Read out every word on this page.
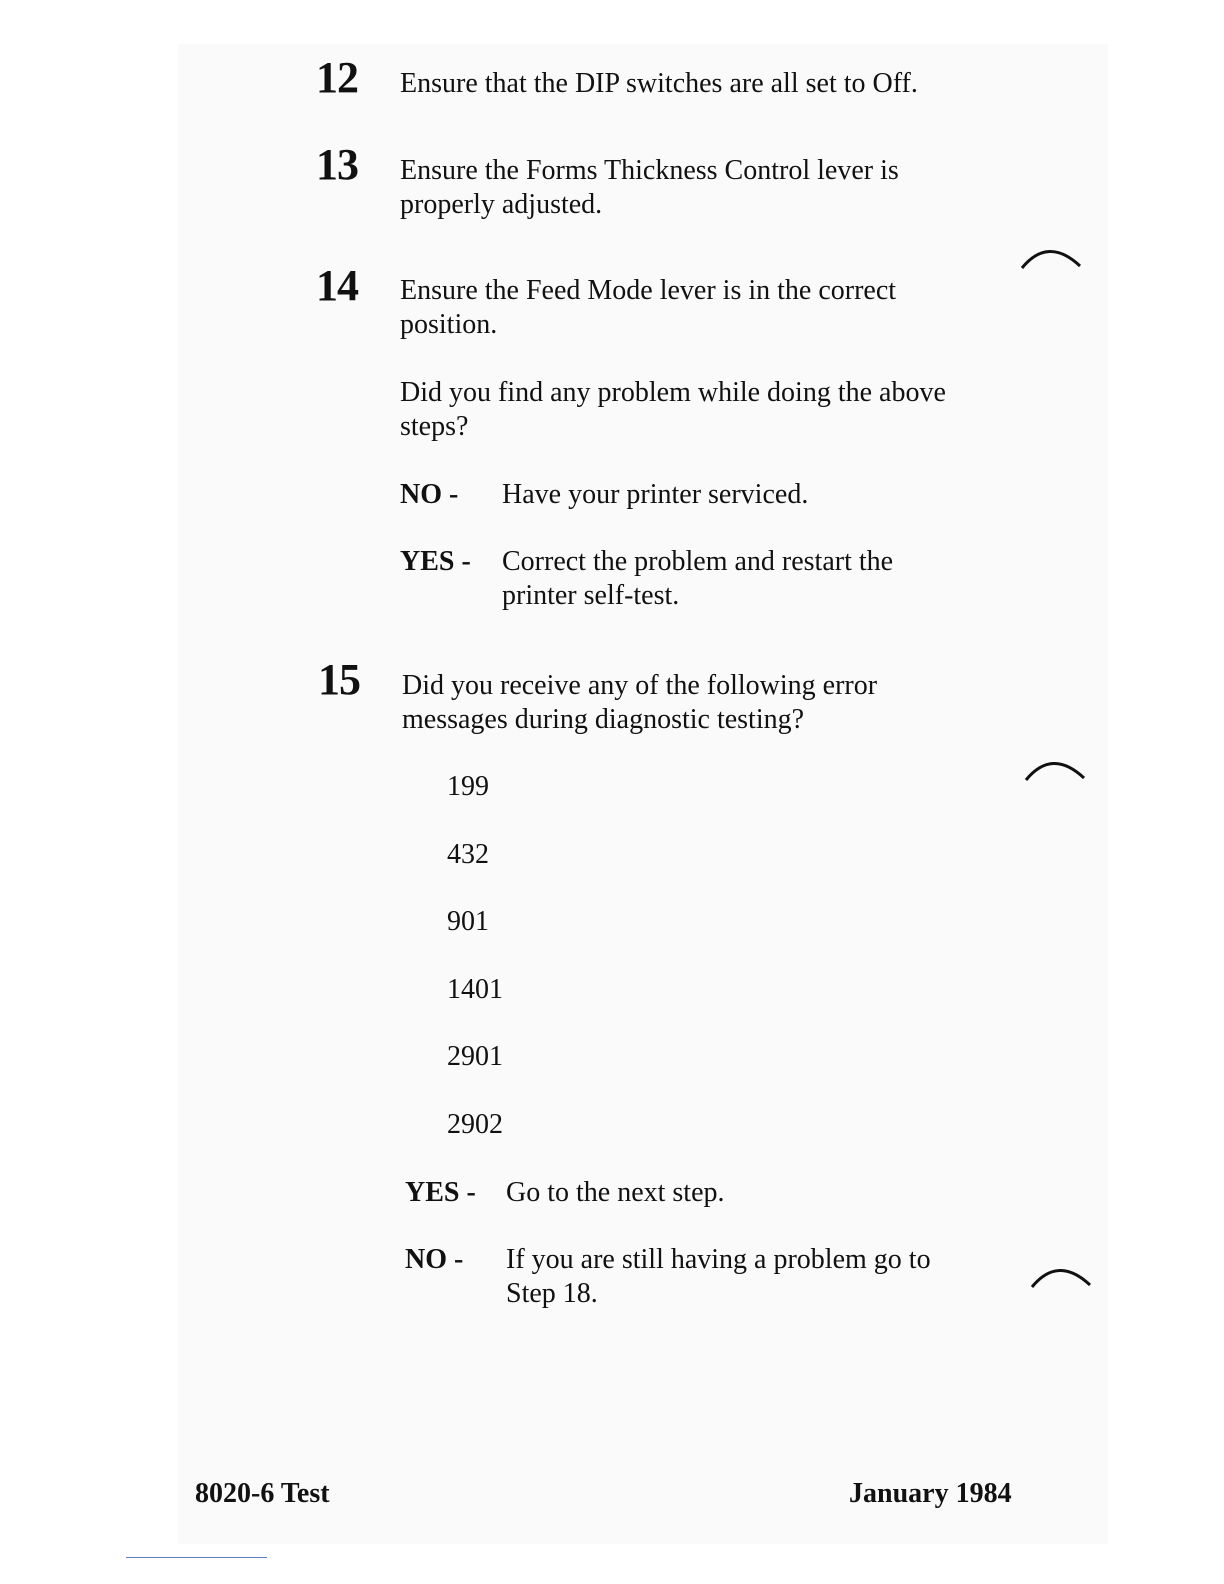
12 Ensure that the DIP switches are all set to Off.
13 Ensure the Forms Thickness Control lever is
properly adjusted.
14 Ensure the Feed Mode lever is in the correct
position.
Did you find any problem while doing the above
steps?
NO - Have your printer serviced.
YES - Correct the problem and restart the
printer self-test.
15 Did you receive any of the following error
messages during diagnostic testing?
199
432
901
1401
2901
2902
YES - Go to the next step.
NO - If you are still having a problem go to
Step 18.
8020-6 Test	January 1984
